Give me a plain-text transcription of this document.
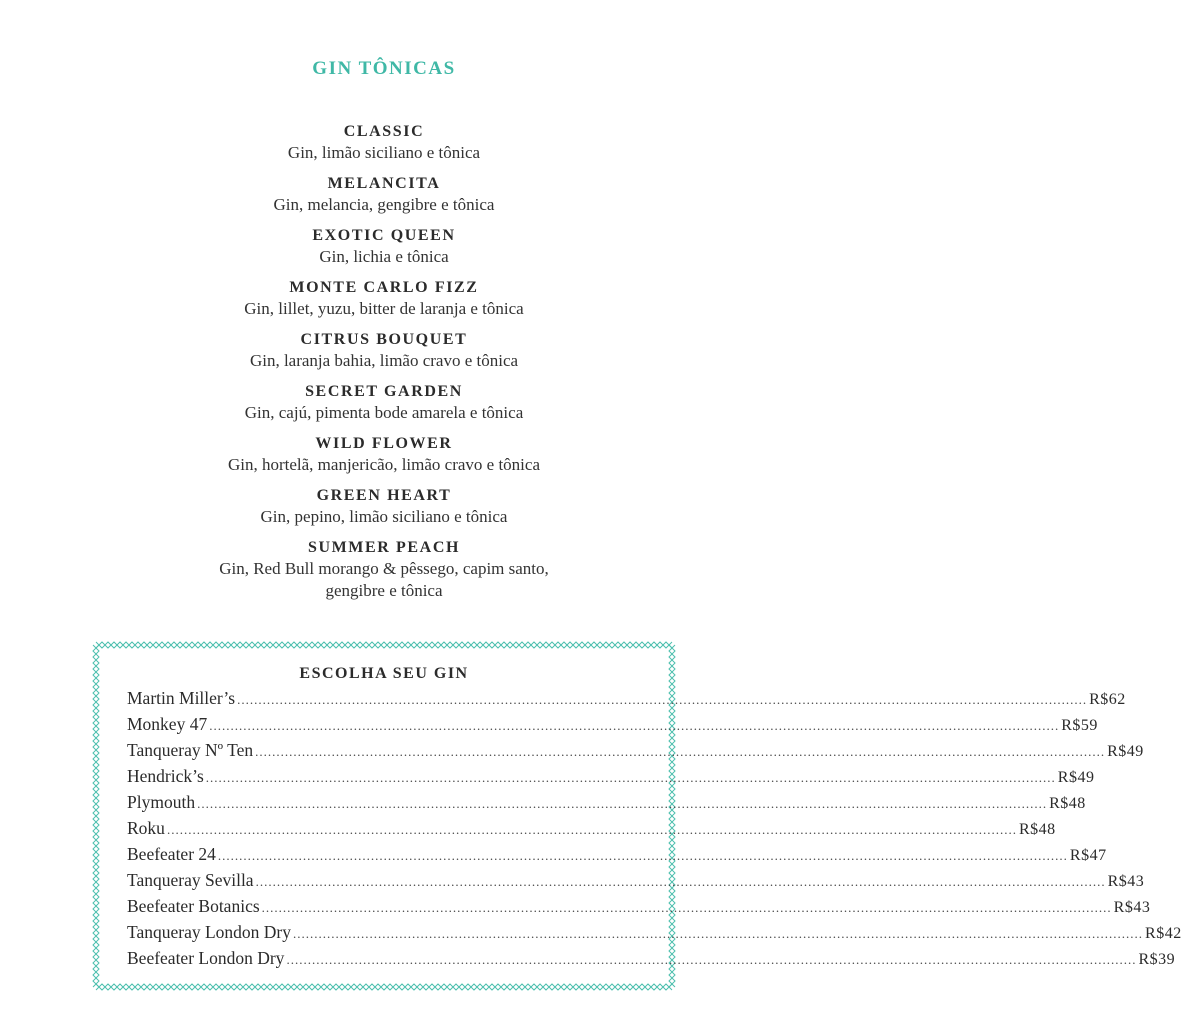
GIN TÔNICAS
CLASSIC
Gin, limão siciliano e tônica
MELANCITA
Gin, melancia, gengibre e tônica
EXOTIC QUEEN
Gin, lichia e tônica
MONTE CARLO FIZZ
Gin, lillet, yuzu, bitter de laranja e tônica
CITRUS BOUQUET
Gin, laranja bahia, limão cravo e tônica
SECRET GARDEN
Gin, cajú, pimenta bode amarela e tônica
WILD FLOWER
Gin, hortelã, manjericão, limão cravo e tônica
GREEN HEART
Gin, pepino, limão siciliano e tônica
SUMMER PEACH
Gin, Red Bull morango & pêssego, capim santo,
gengibre e tônica
ESCOLHA SEU GIN
Martin Miller’s ........................................................................................................................................................................................................ R$62
Monkey 47 ........................................................................................................................................................................................................ R$59
Tanqueray Nº Ten ........................................................................................................................................................................................................ R$49
Hendrick’s ........................................................................................................................................................................................................ R$49
Plymouth ........................................................................................................................................................................................................ R$48
Roku ........................................................................................................................................................................................................ R$48
Beefeater 24 ........................................................................................................................................................................................................ R$47
Tanqueray Sevilla ........................................................................................................................................................................................................ R$43
Beefeater Botanics ........................................................................................................................................................................................................ R$43
Tanqueray London Dry ........................................................................................................................................................................................................ R$42
Beefeater London Dry ........................................................................................................................................................................................................ R$39
